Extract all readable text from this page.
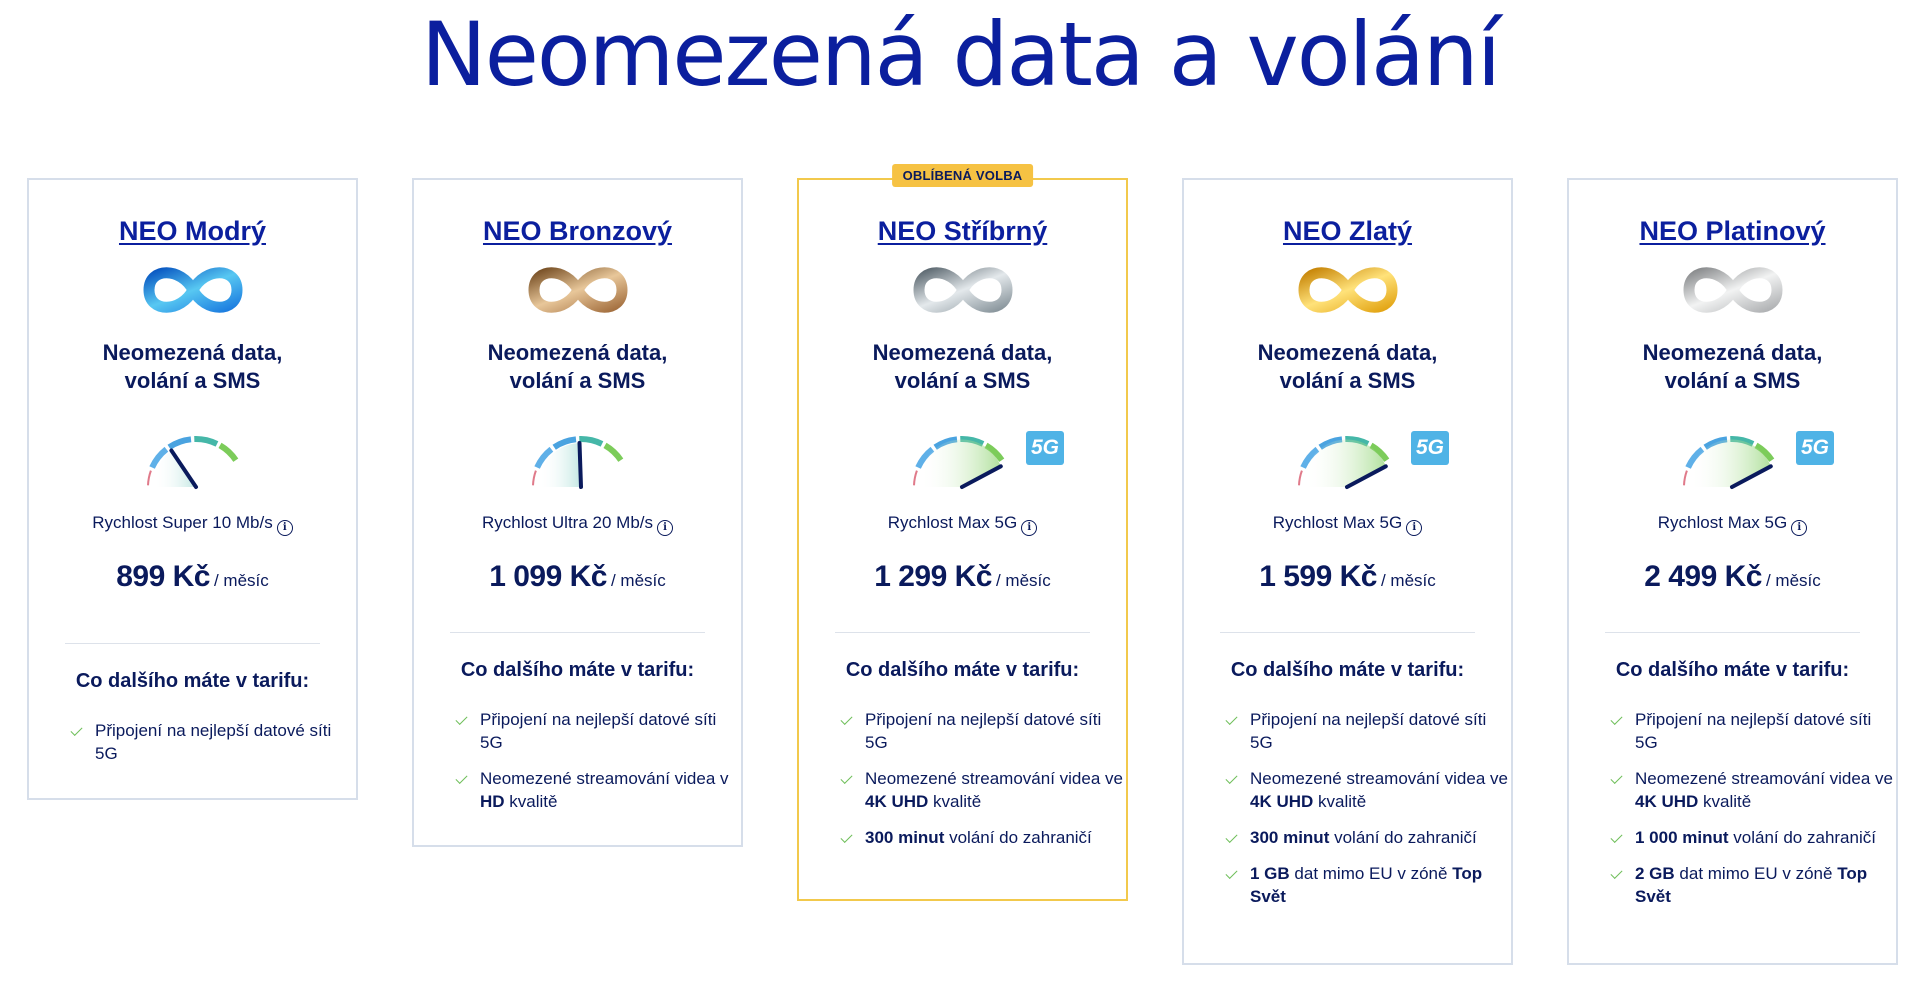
Neomezená data a volání
NEO Modrý
Neomezená data,
volání a SMS
Rychlost Super 10 Mb/s i
899 Kč / měsíc
Co dalšího máte v tarifu:
Připojení na nejlepší datové síti 5G
NEO Bronzový
Neomezená data,
volání a SMS
Rychlost Ultra 20 Mb/s i
1 099 Kč / měsíc
Co dalšího máte v tarifu:
Připojení na nejlepší datové síti 5G
Neomezené streamování videa v HD kvalitě
OBLÍBENÁ VOLBA
NEO Stříbrný
Neomezená data,
volání a SMS
5G
Rychlost Max 5G i
1 299 Kč / měsíc
Co dalšího máte v tarifu:
Připojení na nejlepší datové síti 5G
Neomezené streamování videa ve 4K UHD kvalitě
300 minut volání do zahraničí
NEO Zlatý
Neomezená data,
volání a SMS
5G
Rychlost Max 5G i
1 599 Kč / měsíc
Co dalšího máte v tarifu:
Připojení na nejlepší datové síti 5G
Neomezené streamování videa ve 4K UHD kvalitě
300 minut volání do zahraničí
1 GB dat mimo EU v zóně Top Svět
NEO Platinový
Neomezená data,
volání a SMS
5G
Rychlost Max 5G i
2 499 Kč / měsíc
Co dalšího máte v tarifu:
Připojení na nejlepší datové síti 5G
Neomezené streamování videa ve 4K UHD kvalitě
1 000 minut volání do zahraničí
2 GB dat mimo EU v zóně Top Svět
